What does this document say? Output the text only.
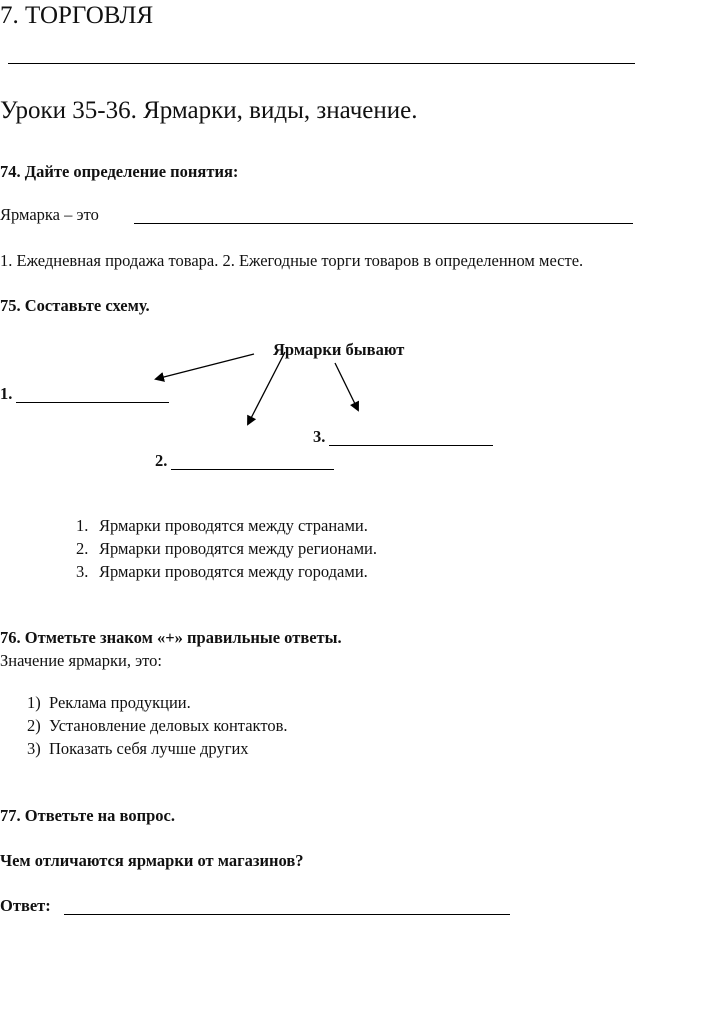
7. ТОРГОВЛЯ
Уроки 35-36. Ярмарки, виды, значение.
74. Дайте определение понятия:
Ярмарка – это
1. Ежедневная продажа товара. 2. Ежегодные торги товаров в определенном месте.
75. Составьте схему.
Ярмарки бывают
1.
3.
2.
1. Ярмарки проводятся между странами.
2. Ярмарки проводятся между регионами.
3. Ярмарки проводятся между городами.
76. Отметьте знаком «+» правильные ответы.
Значение ярмарки, это:
1) Реклама продукции.
2) Установление деловых контактов.
3) Показать себя лучше других
77. Ответьте на вопрос.
Чем отличаются ярмарки от магазинов?
Ответ:
